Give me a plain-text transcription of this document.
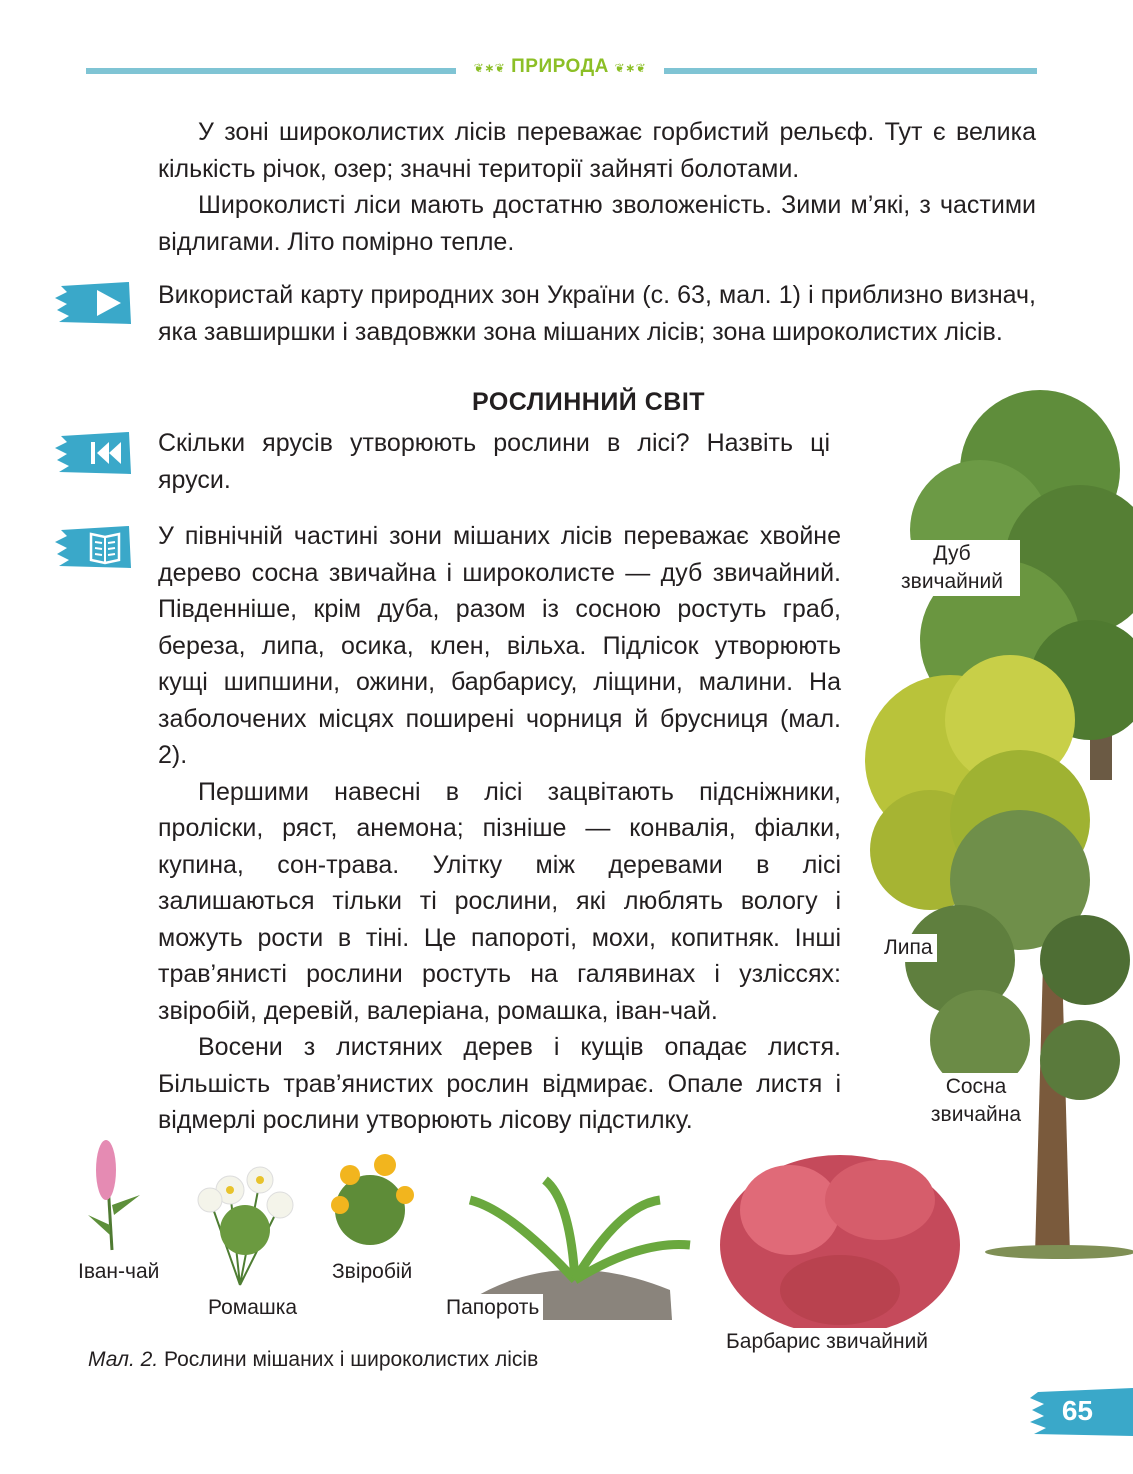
❦∗❦ ПРИРОДА ❦∗❦

У зоні широколистих лісів переважає горбистий рельєф. Тут є велика кількість річок, озер; значні території зайняті болотами.

Широколисті ліси мають достатню зволоженість. Зими м’які, з частими відлигами. Літо помірно тепле.

Використай карту природних зон України (с. 63, мал. 1) і приблизно визнач, яка завширшки і завдовжки зона мішаних лісів; зона широколистих лісів.

РОСЛИННИЙ СВІТ

Скільки ярусів утворюють рослини в лісі? Назвіть ці яруси.

У північній частині зони мішаних лісів переважає хвойне дерево сосна звичайна і широколисте — дуб звичайний. Південніше, крім дуба, разом із сосною ростуть граб, береза, липа, осика, клен, вільха. Підлісок утворюють кущі шипшини, ожини, барбарису, ліщини, малини. На заболочених місцях поширені чорниця й брусниця (мал. 2).

Першими навесні в лісі зацвітають підсніжники, проліски, ряст, анемона; пізніше — конвалія, фіалки, купина, сон-трава. Улітку між деревами в лісі залишаються тільки ті рослини, які люблять вологу і можуть рости в тіні. Це папороті, мохи, копитняк. Інші трав’янисті рослини ростуть на галявинах і узліссях: звіробій, деревій, валеріана, ромашка, іван-чай.

Восени з листяних дерев і кущів опадає листя. Більшість трав’янистих рослин відмирає. Опале листя і відмерлі рослини утворюють лісову підстилку.

Дуб
звичайний
Липа
Сосна
звичайна
Іван-чай
Ромашка
Звіробій
Папороть
Барбарис звичайний
Мал. 2. Рослини мішаних і широколистих лісів
65
